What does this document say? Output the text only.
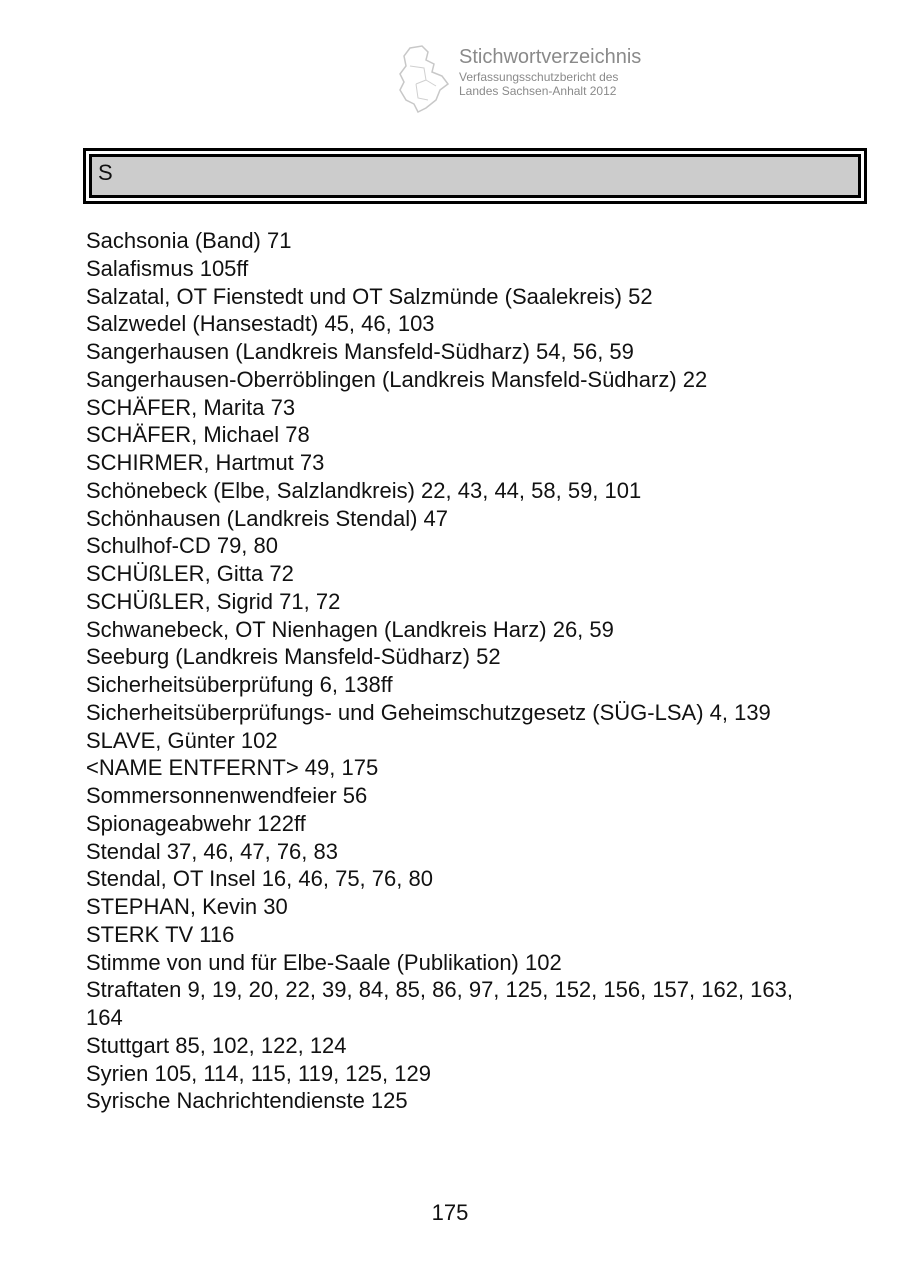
Stichwortverzeichnis
Verfassungsschutzbericht des
Landes Sachsen-Anhalt 2012
S
Sachsonia (Band) 71
Salafismus 105ff
Salzatal, OT Fienstedt und OT Salzmünde (Saalekreis) 52
Salzwedel (Hansestadt) 45, 46, 103
Sangerhausen (Landkreis Mansfeld-Südharz) 54, 56, 59
Sangerhausen-Oberröblingen (Landkreis Mansfeld-Südharz) 22
SCHÄFER, Marita 73
SCHÄFER, Michael 78
SCHIRMER, Hartmut 73
Schönebeck (Elbe, Salzlandkreis) 22, 43, 44, 58, 59, 101
Schönhausen (Landkreis Stendal) 47
Schulhof-CD 79, 80
SCHÜßLER, Gitta 72
SCHÜßLER, Sigrid 71, 72
Schwanebeck, OT Nienhagen (Landkreis Harz) 26, 59
Seeburg (Landkreis Mansfeld-Südharz) 52
Sicherheitsüberprüfung 6, 138ff
Sicherheitsüberprüfungs- und Geheimschutzgesetz (SÜG-LSA) 4, 139
SLAVE, Günter 102
<NAME ENTFERNT> 49, 175
Sommersonnenwendfeier 56
Spionageabwehr 122ff
Stendal 37, 46, 47, 76, 83
Stendal, OT Insel 16, 46, 75, 76, 80
STEPHAN, Kevin 30
STERK TV 116
Stimme von und für Elbe-Saale (Publikation) 102
Straftaten 9, 19, 20, 22, 39, 84, 85, 86, 97, 125, 152, 156, 157, 162, 163, 164
Stuttgart 85, 102, 122, 124
Syrien 105, 114, 115, 119, 125, 129
Syrische Nachrichtendienste 125
175
